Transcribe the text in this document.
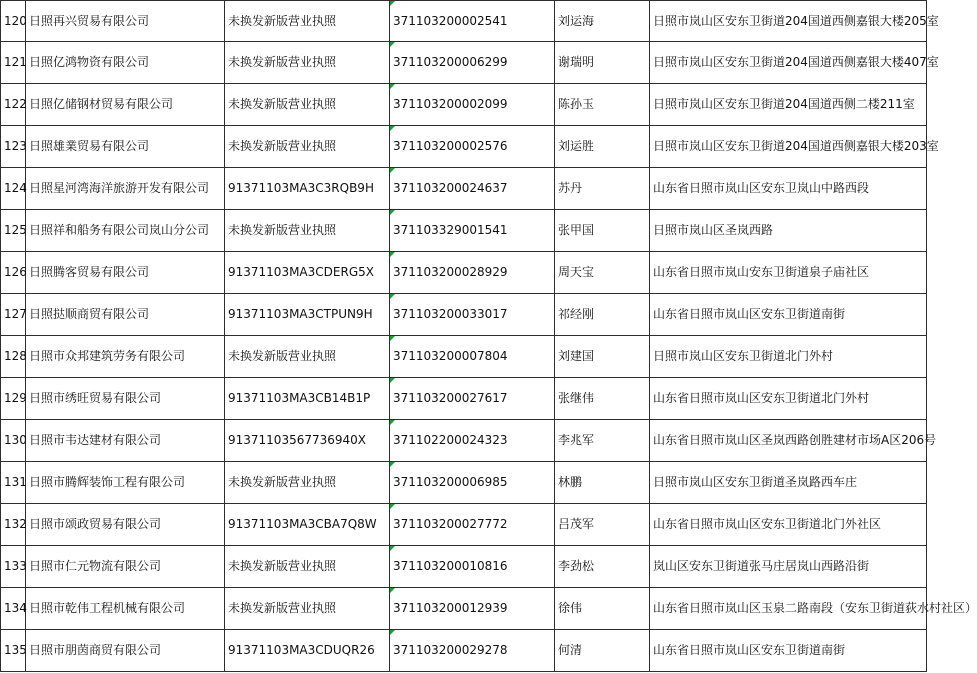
120	日照再兴贸易有限公司	未换发新版营业执照	371103200002541	刘运海	日照市岚山区安东卫街道204国道西侧嘉银大楼205室
121	日照亿鸿物资有限公司	未换发新版营业执照	371103200006299	谢瑞明	日照市岚山区安东卫街道204国道西侧嘉银大楼407室
122	日照亿储钢材贸易有限公司	未换发新版营业执照	371103200002099	陈孙玉	日照市岚山区安东卫街道204国道西侧二楼211室
123	日照雄業贸易有限公司	未换发新版营业执照	371103200002576	刘运胜	日照市岚山区安东卫街道204国道西侧嘉银大楼203室
124	日照星河湾海洋旅游开发有限公司	91371103MA3C3RQB9H	371103200024637	苏丹	山东省日照市岚山区安东卫岚山中路西段
125	日照祥和船务有限公司岚山分公司	未换发新版营业执照	371103329001541	张甲国	日照市岚山区圣岚西路
126	日照腾客贸易有限公司	91371103MA3CDERG5X	371103200028929	周天宝	山东省日照市岚山安东卫街道泉子庙社区
127	日照挞顺商贸有限公司	91371103MA3CTPUN9H	371103200033017	祁经刚	山东省日照市岚山区安东卫街道南街
128	日照市众邦建筑劳务有限公司	未换发新版营业执照	371103200007804	刘建国	日照市岚山区安东卫街道北门外村
129	日照市绣旺贸易有限公司	91371103MA3CB14B1P	371103200027617	张继伟	山东省日照市岚山区安东卫街道北门外村
130	日照市韦达建材有限公司	91371103567736940X	371102200024323	李兆军	山东省日照市岚山区圣岚西路创胜建材市场A区206号
131	日照市腾辉装饰工程有限公司	未换发新版营业执照	371103200006985	林鹏	日照市岚山区安东卫街道圣岚路西车庄
132	日照市颂政贸易有限公司	91371103MA3CBA7Q8W	371103200027772	吕茂军	山东省日照市岚山区安东卫街道北门外社区
133	日照市仁元物流有限公司	未换发新版营业执照	371103200010816	李劲松	岚山区安东卫街道张马庄居岚山西路沿街
134	日照市乾伟工程机械有限公司	未换发新版营业执照	371103200012939	徐伟	山东省日照市岚山区玉泉二路南段（安东卫街道荻水村社区）
135	日照市朋茵商贸有限公司	91371103MA3CDUQR26	371103200029278	何清	山东省日照市岚山区安东卫街道南街
